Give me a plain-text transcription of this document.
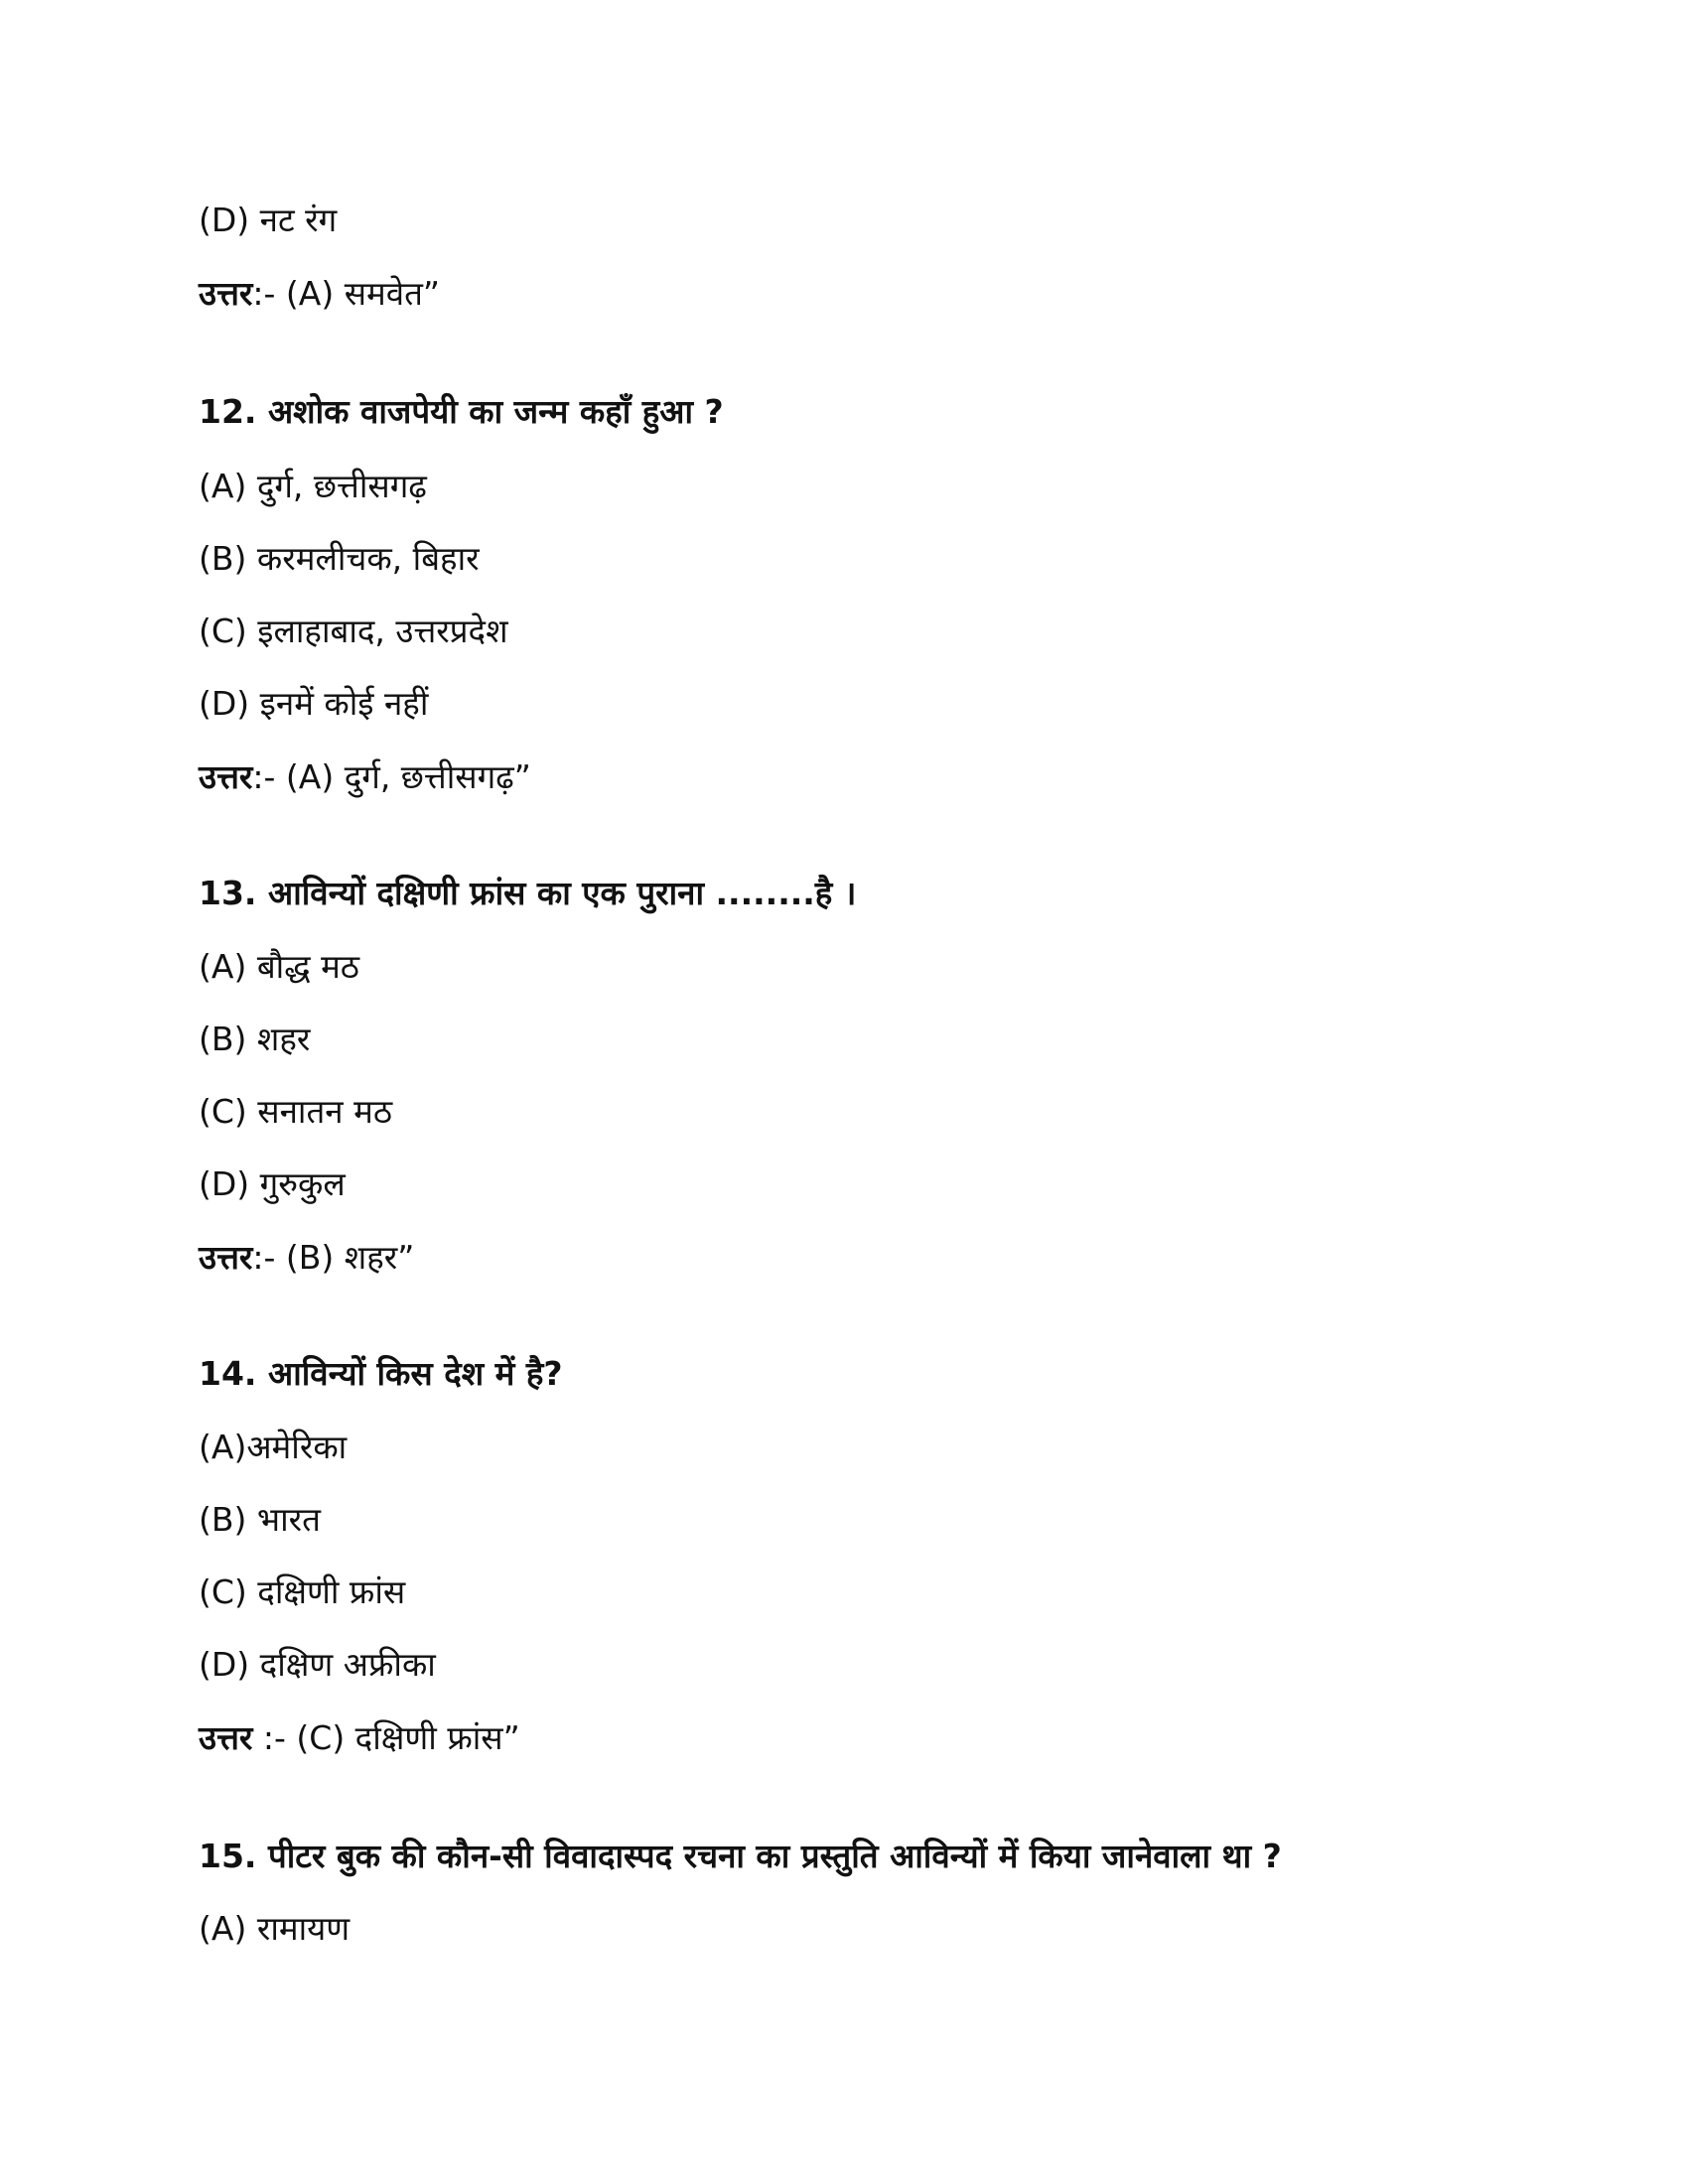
(D) नट रंग
उत्तर:- (A) समवेत”
12. अशोक वाजपेयी का जन्म कहाँ हुआ ?
(A) दुर्ग, छत्तीसगढ़
(B) करमलीचक, बिहार
(C) इलाहाबाद, उत्तरप्रदेश
(D) इनमें कोई नहीं
उत्तर:- (A) दुर्ग, छत्तीसगढ़”
13. आविन्यों दक्षिणी फ्रांस का एक पुराना ........है ।
(A) बौद्ध मठ
(B) शहर
(C) सनातन मठ
(D) गुरुकुल
उत्तर:- (B) शहर”
14. आविन्यों किस देश में है?
(A)अमेरिका
(B) भारत
(C) दक्षिणी फ्रांस
(D) दक्षिण अफ्रीका
उत्तर :- (C) दक्षिणी फ्रांस”
15. पीटर बुक की कौन-सी विवादास्पद रचना का प्रस्तुति आविन्यों में किया जानेवाला था ?
(A) रामायण
